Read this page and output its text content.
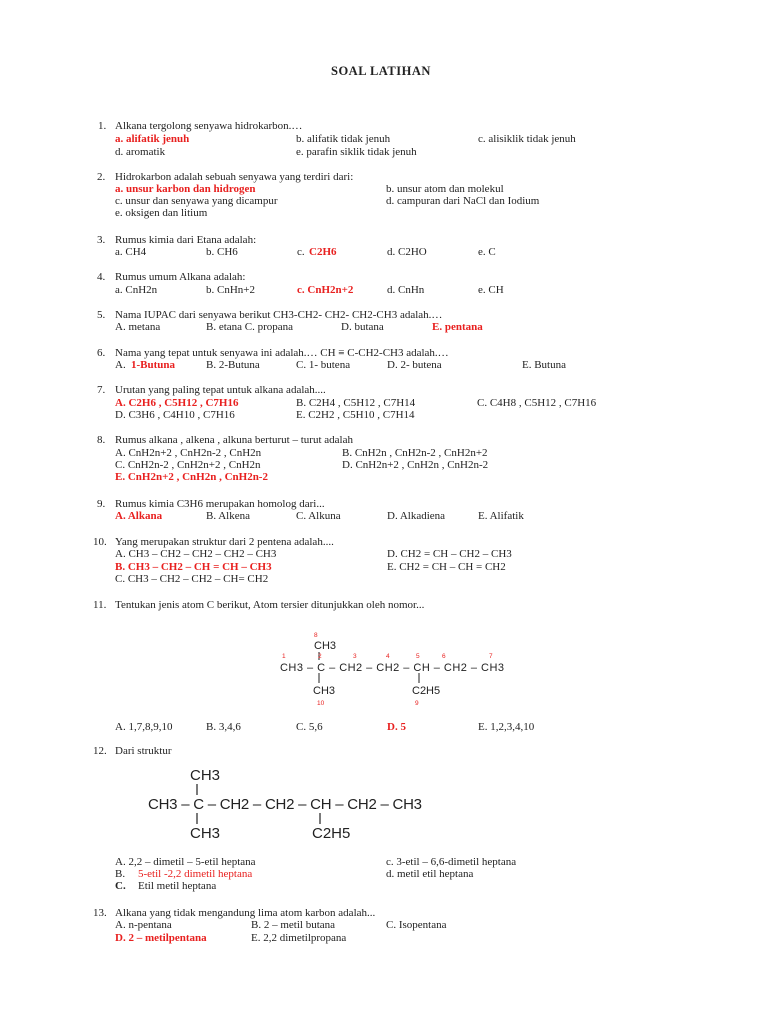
SOAL LATIHAN
1. Alkana tergolong senyawa hidrokarbon.…
a. alifatik jenuh	b. alifatik tidak jenuh	c. alisiklik tidak jenuh
d. aromatik	e. parafin siklik tidak jenuh
2. Hidrokarbon adalah sebuah senyawa yang terdiri dari:
a. unsur karbon dan hidrogen	b. unsur atom dan molekul
c. unsur dan senyawa yang dicampur	d. campuran dari NaCl dan Iodium
e. oksigen dan litium
3. Rumus kimia dari Etana adalah:
a. CH4	b. CH6	c. C2H6	d. C2HO	e. C
4. Rumus umum Alkana adalah:
a. CnH2n	b. CnHn+2	c. CnH2n+2	d. CnHn	e. CH
5. Nama IUPAC dari senyawa berikut CH3-CH2- CH2- CH2-CH3 adalah.…
A. metana	B. etana C. propana	D. butana	E. pentana
6. Nama yang tepat untuk senyawa ini adalah.… CH ≡ C-CH2-CH3 adalah.…
A. 1-Butuna	B. 2-Butuna	C. 1- butena	D. 2- butena	E. Butuna
7. Urutan yang paling tepat untuk alkana adalah....
A. C2H6 , C5H12 , C7H16	B. C2H4 , C5H12 , C7H14	C. C4H8 , C5H12 , C7H16
D. C3H6 , C4H10 , C7H16	E. C2H2 , C5H10 , C7H14
8. Rumus alkana , alkena , alkuna berturut – turut adalah
A. CnH2n+2 , CnH2n-2 , CnH2n	B. CnH2n , CnH2n-2 , CnH2n+2
C. CnH2n-2 , CnH2n+2 , CnH2n	D. CnH2n+2 , CnH2n , CnH2n-2
E. CnH2n+2 , CnH2n , CnH2n-2
9. Rumus kimia C3H6 merupakan homolog dari...
A. Alkana	B. Alkena	C. Alkuna	D. Alkadiena	E. Alifatik
10. Yang merupakan struktur dari 2 pentena adalah....
A. CH3 – CH2 – CH2 – CH2 – CH3	D. CH2 = CH – CH2 – CH3
B. CH3 – CH2 – CH = CH – CH3	E. CH2 = CH – CH = CH2
C. CH3 – CH2 – CH2 – CH= CH2
11. Tentukan jenis atom C berikut, Atom tersier ditunjukkan oleh nomor...
8
CH3
1	2	3	4	5	6	7
CH3 – C – CH2 – CH2 – CH – CH2 – CH3
CH3	C2H5
10	9
A. 1,7,8,9,10	B. 3,4,6	C. 5,6	D. 5	E. 1,2,3,4,10
12. Dari struktur
CH3
CH3 – C – CH2 – CH2 – CH – CH2 – CH3
CH3	C2H5
A. 2,2 – dimetil – 5-etil heptana	c. 3-etil – 6,6-dimetil heptana
B. 5-etil -2,2 dimetil heptana	d. metil etil heptana
C. Etil metil heptana
13. Alkana yang tidak mengandung lima atom karbon adalah...
A. n-pentana	B. 2 – metil butana	C. Isopentana
D. 2 – metilpentana	E. 2,2 dimetilpropana
